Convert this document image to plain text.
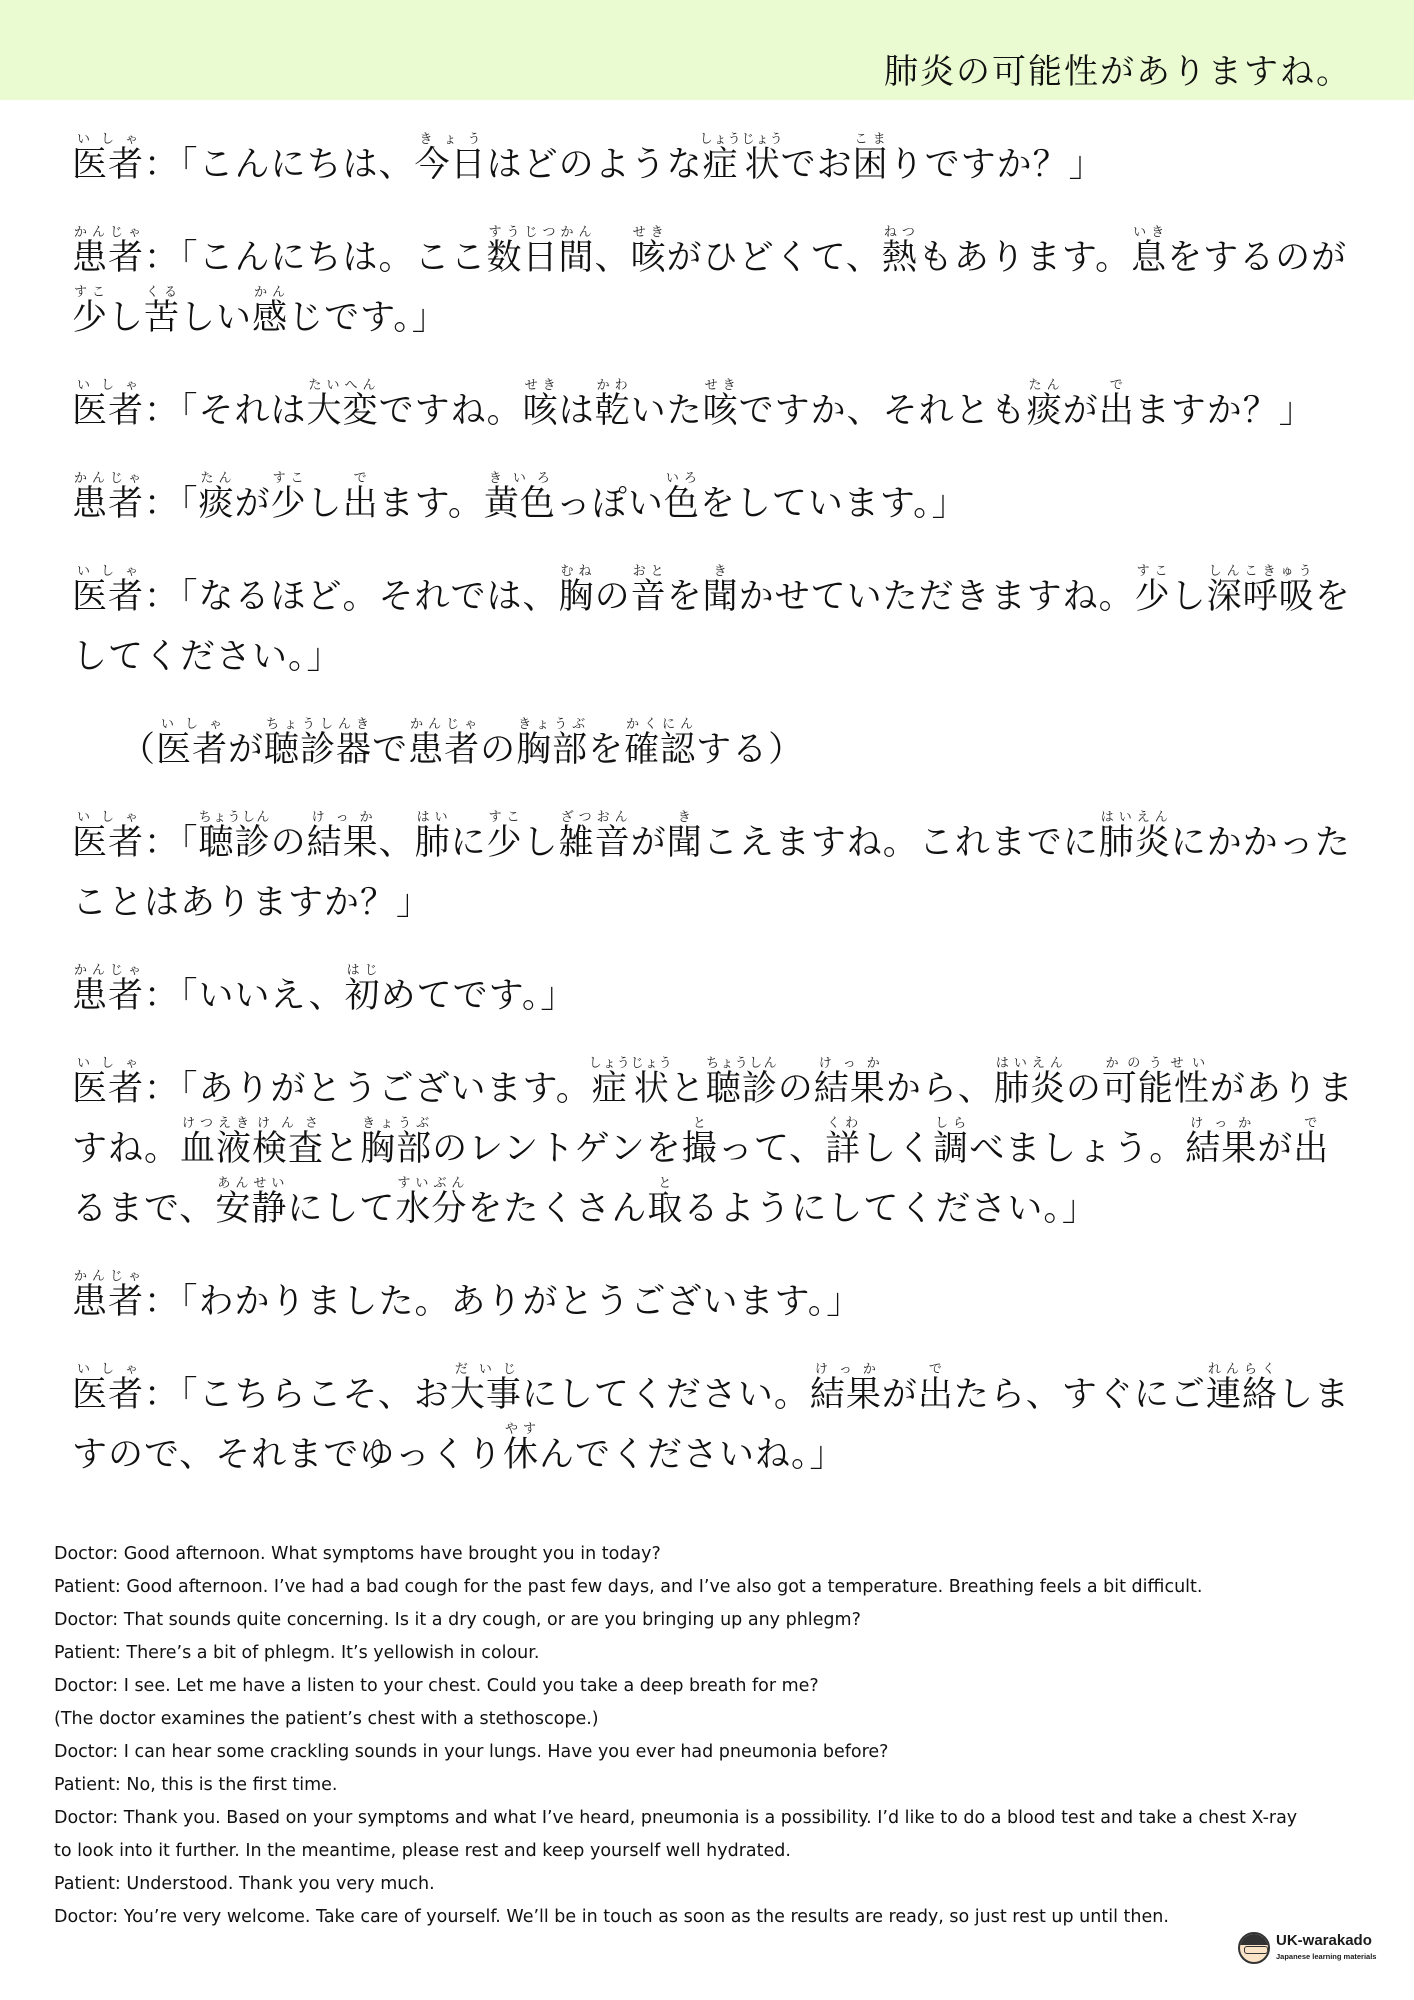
肺炎の可能性がありますね。
医者いしゃ：「こんにちは、今日きょうはどのような症状しょうじょうでお困こまりですか？」
患者かんじゃ：「こんにちは。ここ数日間すうじつかん、咳せきがひどくて、熱ねつもあります。息いきをするのが少すこし苦くるしい感かんじです。」
医者いしゃ：「それは大変たいへんですね。咳せきは乾かわいた咳せきですか、それとも痰たんが出でますか？」
患者かんじゃ：「痰たんが少すこし出でます。黄色きいろっぽい色いろをしています。」
医者いしゃ：「なるほど。それでは、胸むねの音おとを聞きかせていただきますね。少すこし深呼吸しんこきゅうをしてください。」
（医者いしゃが聴診器ちょうしんきで患者かんじゃの胸部きょうぶを確認かくにんする）
医者いしゃ：「聴診ちょうしんの結果けっか、肺はいに少すこし雑音ざつおんが聞きこえますね。これまでに肺炎はいえんにかかったことはありますか？」
患者かんじゃ：「いいえ、初はじめてです。」
医者いしゃ：「ありがとうございます。症状しょうじょうと聴診ちょうしんの結果けっかから、肺炎はいえんの可能性かのうせいがありますね。血液けつえき検査けんさと胸部きょうぶのレントゲンを撮とって、詳くわしく調しらべましょう。結果けっかが出でるまで、安静あんせいにして水分すいぶんをたくさん取とるようにしてください。」
患者かんじゃ：「わかりました。ありがとうございます。」
医者いしゃ：「こちらこそ、お大事だいじにしてください。結果けっかが出でたら、すぐにご連絡れんらくしますので、それまでゆっくり休やすんでくださいね。」
Doctor: Good afternoon. What symptoms have brought you in today?
Patient: Good afternoon. I’ve had a bad cough for the past few days, and I’ve also got a temperature. Breathing feels a bit difficult.
Doctor: That sounds quite concerning. Is it a dry cough, or are you bringing up any phlegm?
Patient: There’s a bit of phlegm. It’s yellowish in colour.
Doctor: I see. Let me have a listen to your chest. Could you take a deep breath for me?
(The doctor examines the patient’s chest with a stethoscope.)
Doctor: I can hear some crackling sounds in your lungs. Have you ever had pneumonia before?
Patient: No, this is the first time.
Doctor: Thank you. Based on your symptoms and what I’ve heard, pneumonia is a possibility. I’d like to do a blood test and take a chest X-ray
to look into it further. In the meantime, please rest and keep yourself well hydrated.
Patient: Understood. Thank you very much.
Doctor: You’re very welcome. Take care of yourself. We’ll be in touch as soon as the results are ready, so just rest up until then.
UK-warakado
Japanese learning materials
